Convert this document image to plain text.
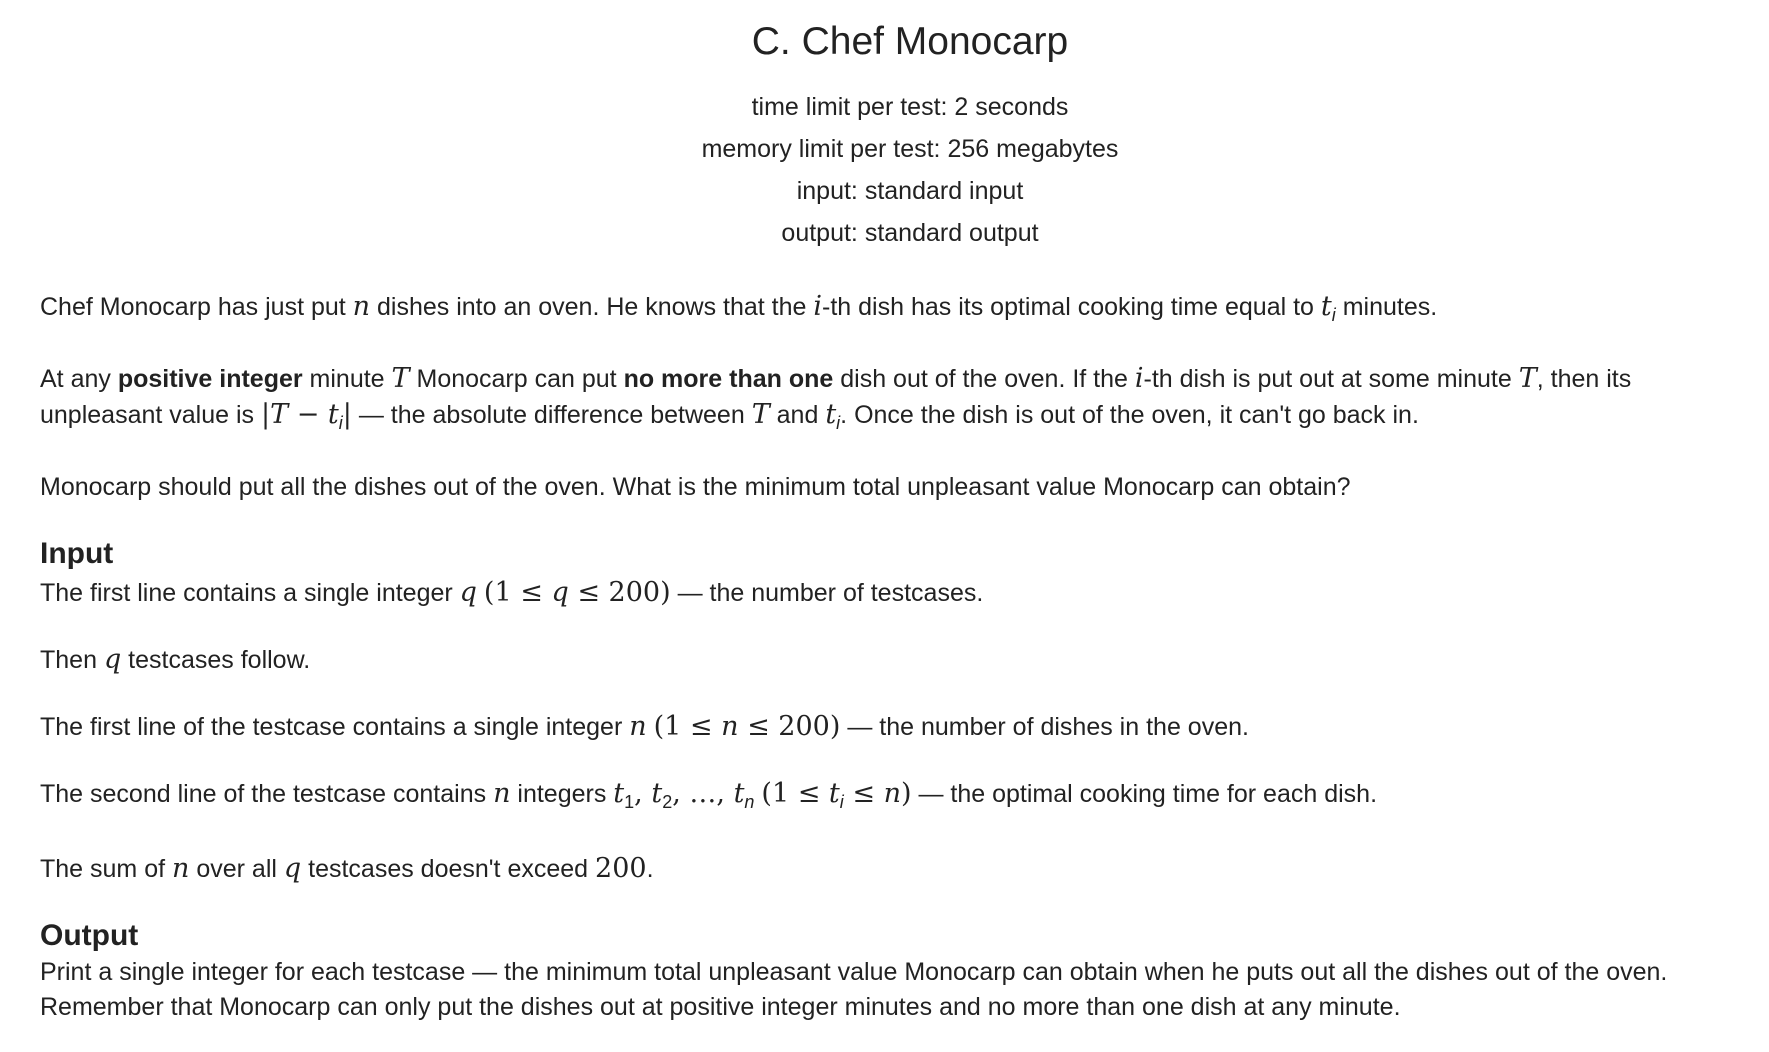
C. Chef Monocarp
time limit per test: 2 seconds
memory limit per test: 256 megabytes
input: standard input
output: standard output
Chef Monocarp has just put n dishes into an oven. He knows that the i-th dish has its optimal cooking time equal to $t_i$ minutes.
At any positive integer minute T Monocarp can put no more than one dish out of the oven. If the i-th dish is put out at some minute T, then its unpleasant value is $|T - t_i|$ — the absolute difference between T and $t_i$. Once the dish is out of the oven, it can't go back in.
Monocarp should put all the dishes out of the oven. What is the minimum total unpleasant value Monocarp can obtain?
Input
The first line contains a single integer q (1 ≤ q ≤ 200) — the number of testcases.
Then q testcases follow.
The first line of the testcase contains a single integer n (1 ≤ n ≤ 200) — the number of dishes in the oven.
The second line of the testcase contains n integers $t_1$, $t_2$, …, $t_n$ $(1 \le t_i \le n)$ — the optimal cooking time for each dish.
The sum of n over all q testcases doesn't exceed 200.
Output
Print a single integer for each testcase — the minimum total unpleasant value Monocarp can obtain when he puts out all the dishes out of the oven. Remember that Monocarp can only put the dishes out at positive integer minutes and no more than one dish at any minute.
